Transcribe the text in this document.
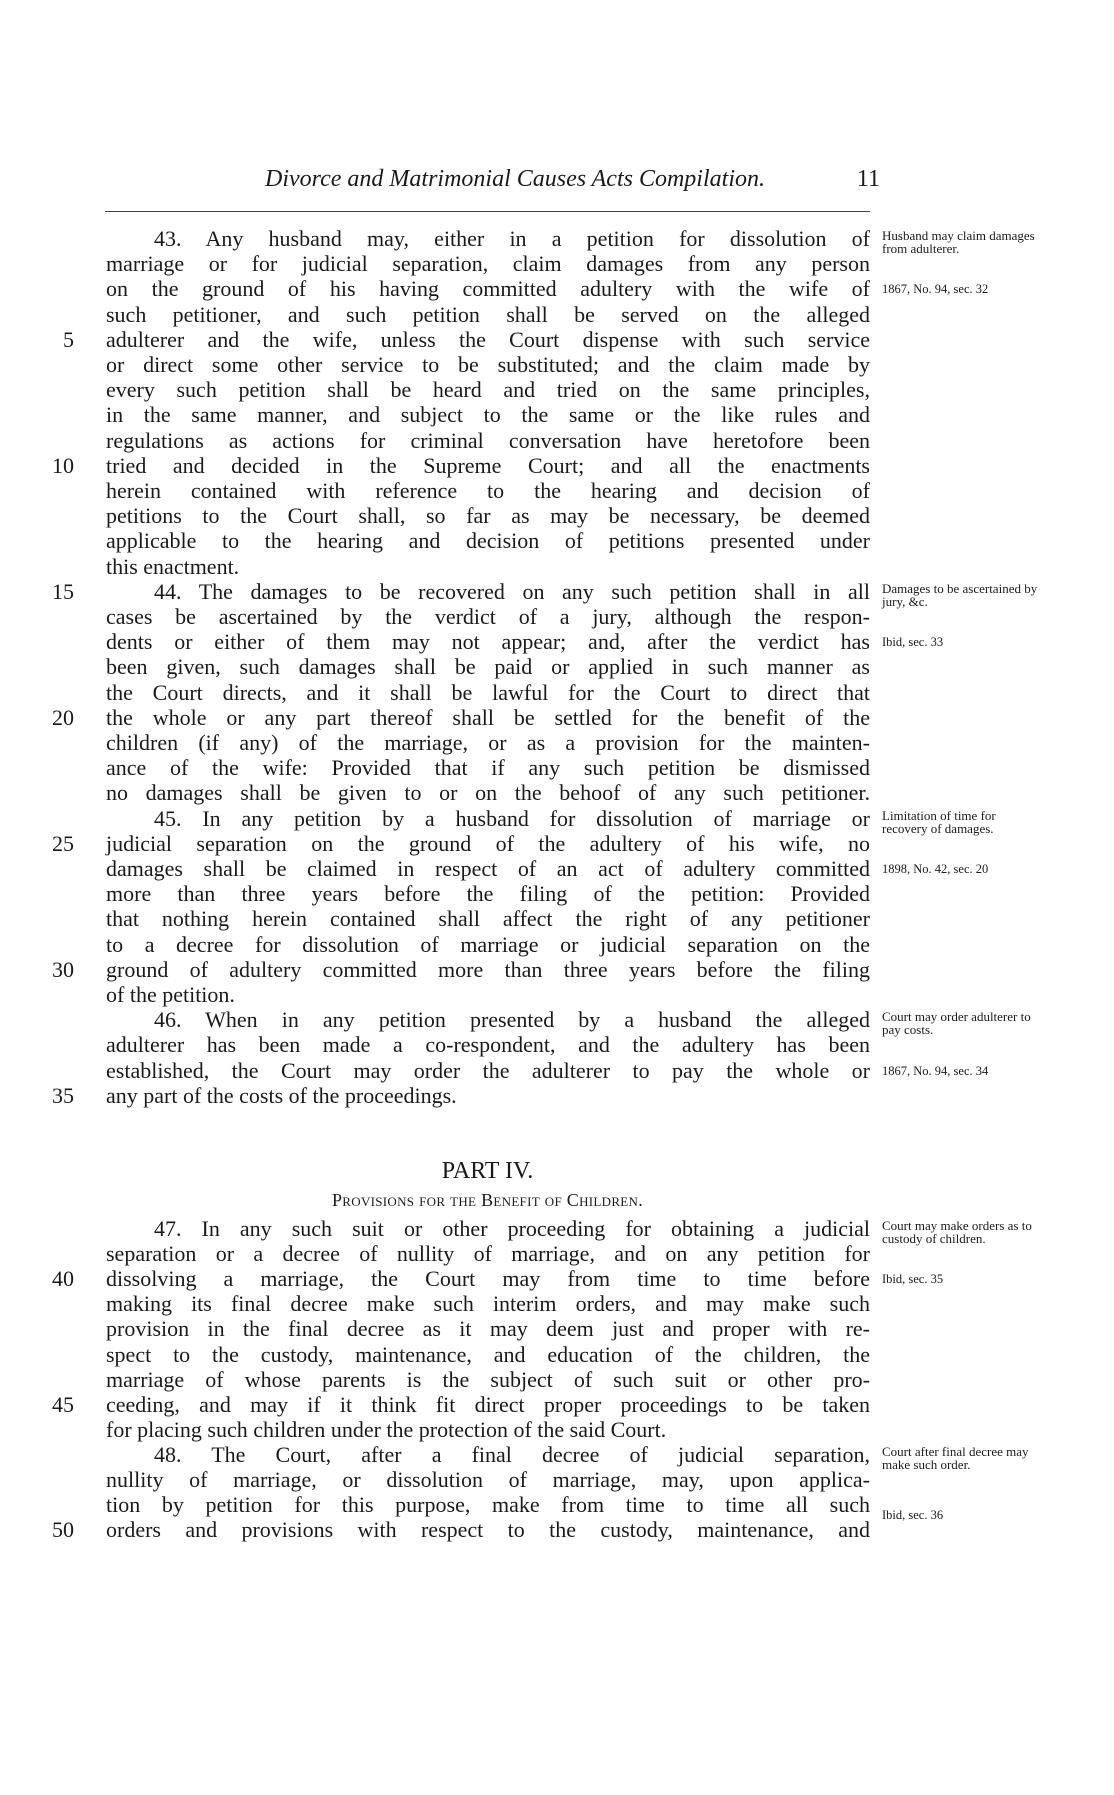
Divorce and Matrimonial Causes Acts Compilation.	11
PART IV.
Provisions for the Benefit of Children.
43. Any husband may, either in a petition for dissolution of
marriage or for judicial separation, claim damages from any person
on the ground of his having committed adultery with the wife of
such petitioner, and such petition shall be served on the alleged
adulterer and the wife, unless the Court dispense with such service
5
or direct some other service to be substituted; and the claim made by
every such petition shall be heard and tried on the same principles,
in the same manner, and subject to the same or the like rules and
regulations as actions for criminal conversation have heretofore been
tried and decided in the Supreme Court; and all the enactments
10
herein contained with reference to the hearing and decision of
petitions to the Court shall, so far as may be necessary, be deemed
applicable to the hearing and decision of petitions presented under
this enactment.
44. The damages to be recovered on any such petition shall in all
15
cases be ascertained by the verdict of a jury, although the respon-
dents or either of them may not appear; and, after the verdict has
been given, such damages shall be paid or applied in such manner as
the Court directs, and it shall be lawful for the Court to direct that
the whole or any part thereof shall be settled for the benefit of the
20
children (if any) of the marriage, or as a provision for the mainten-
ance of the wife: Provided that if any such petition be dismissed
no damages shall be given to or on the behoof of any such petitioner.
45. In any petition by a husband for dissolution of marriage or
judicial separation on the ground of the adultery of his wife, no
25
damages shall be claimed in respect of an act of adultery committed
more than three years before the filing of the petition: Provided
that nothing herein contained shall affect the right of any petitioner
to a decree for dissolution of marriage or judicial separation on the
ground of adultery committed more than three years before the filing
30
of the petition.
46. When in any petition presented by a husband the alleged
adulterer has been made a co-respondent, and the adultery has been
established, the Court may order the adulterer to pay the whole or
any part of the costs of the proceedings.
35
47. In any such suit or other proceeding for obtaining a judicial
separation or a decree of nullity of marriage, and on any petition for
dissolving a marriage, the Court may from time to time before
40
making its final decree make such interim orders, and may make such
provision in the final decree as it may deem just and proper with re-
spect to the custody, maintenance, and education of the children, the
marriage of whose parents is the subject of such suit or other pro-
ceeding, and may if it think fit direct proper proceedings to be taken
45
for placing such children under the protection of the said Court.
48. The Court, after a final decree of judicial separation,
nullity of marriage, or dissolution of marriage, may, upon applica-
tion by petition for this purpose, make from time to time all such
orders and provisions with respect to the custody, maintenance, and
50
Husband may claim damages from adulterer.
1867, No. 94, sec. 32
Damages to be ascertained by jury, &c.
Ibid, sec. 33
Limitation of time for recovery of damages.
1898, No. 42, sec. 20
Court may order adulterer to pay costs.
1867, No. 94, sec. 34
Court may make orders as to custody of children.
Ibid, sec. 35
Court after final decree may make such order.
Ibid, sec. 36
